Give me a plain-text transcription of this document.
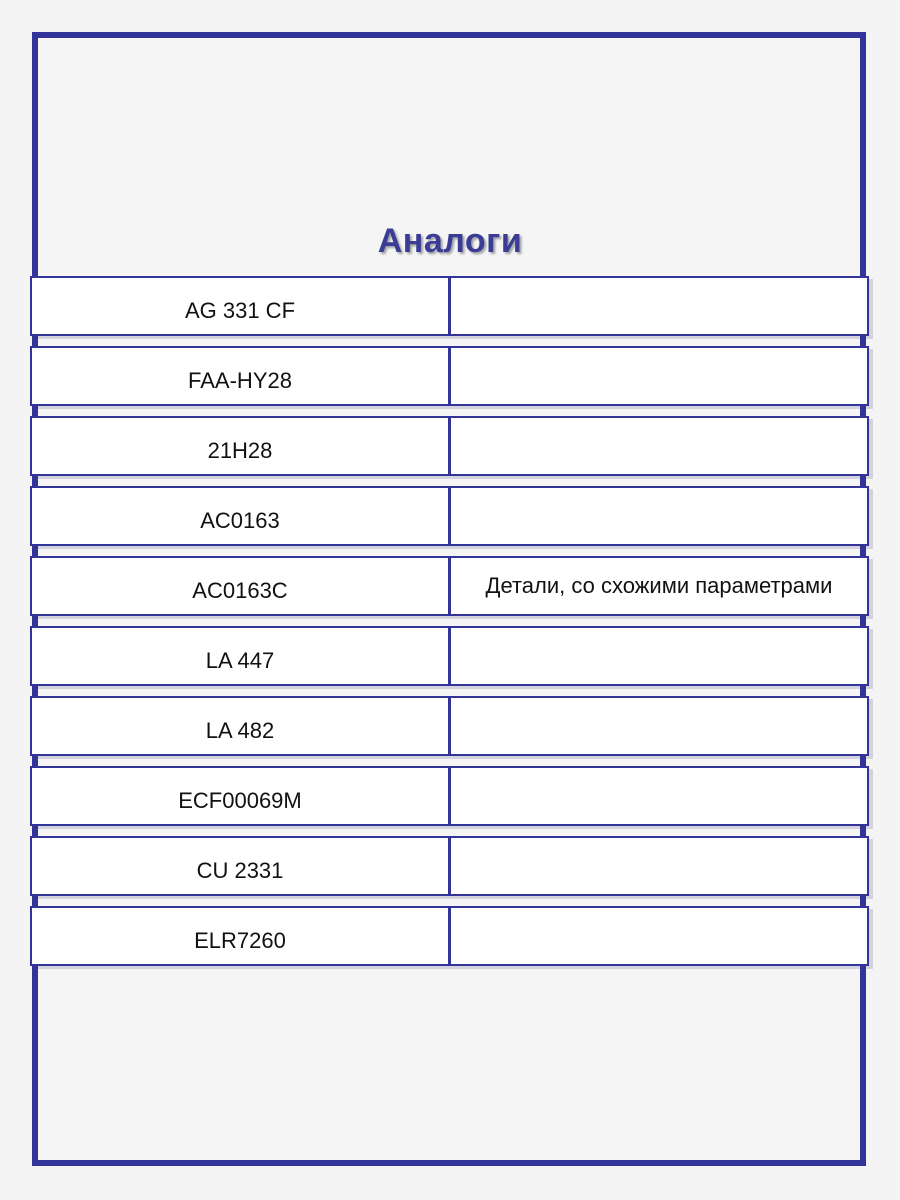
Аналоги
AG 331 CF
FAA-HY28
21H28
AC0163
AC0163C	Детали, со схожими параметрами
LA 447
LA 482
ECF00069M
CU 2331
ELR7260
